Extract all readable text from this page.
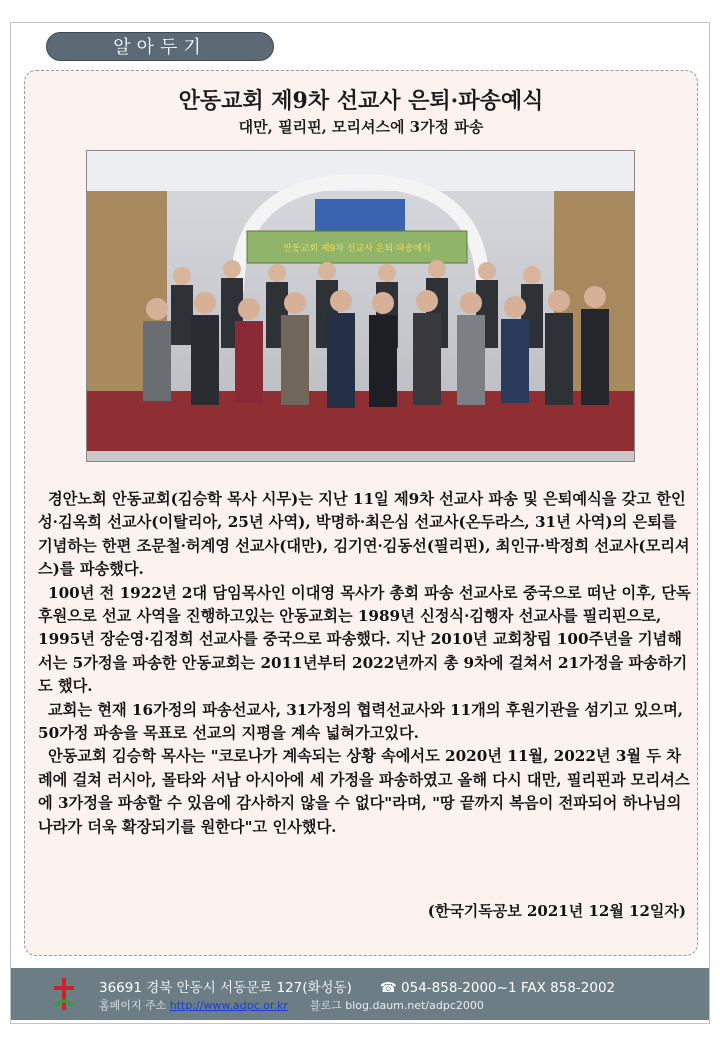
알아두기
안동교회 제9차 선교사 은퇴·파송예식
대만, 필리핀, 모리셔스에 3가정 파송
안동교회 제9차 선교사 은퇴·파송예식

경안노회 안동교회(김승학 목사 시무)는 지난 11일 제9차 선교사 파송 및 은퇴예식을 갖고 한인성·김옥희 선교사(이탈리아, 25년 사역), 박명하·최은심 선교사(온두라스, 31년 사역)의 은퇴를 기념하는 한편 조문철·허계영 선교사(대만), 김기연·김동선(필리핀), 최인규·박정희 선교사(모리셔스)를 파송했다.

100년 전 1922년 2대 담임목사인 이대영 목사가 총회 파송 선교사로 중국으로 떠난 이후, 단독 후원으로 선교 사역을 진행하고있는 안동교회는 1989년 신정식·김행자 선교사를 필리핀으로, 1995년 장순영·김정희 선교사를 중국으로 파송했다. 지난 2010년 교회창립 100주년을 기념해서는 5가정을 파송한 안동교회는 2011년부터 2022년까지 총 9차에 걸쳐서 21가정을 파송하기도 했다.

교회는 현재 16가정의 파송선교사, 31가정의 협력선교사와 11개의 후원기관을 섬기고 있으며, 50가정 파송을 목표로 선교의 지평을 계속 넓혀가고있다.

안동교회 김승학 목사는 "코로나가 계속되는 상황 속에서도 2020년 11월, 2022년 3월 두 차례에 걸쳐 러시아, 몰타와 서남 아시아에 세 가정을 파송하였고 올해 다시 대만, 필리핀과 모리셔스에 3가정을 파송할 수 있음에 감사하지 않을 수 없다"라며, "땅 끝까지 복음이 전파되어 하나님의 나라가 더욱 확장되기를 원한다"고 인사했다.

(한국기독공보 2021년 12월 12일자)
36691 경북 안동시 서동문로 127(화성동) ☎ 054-858-2000~1 FAX 858-2002
홈페이지 주소 http://www.adpc.or.kr 블로그 blog.daum.net/adpc2000
